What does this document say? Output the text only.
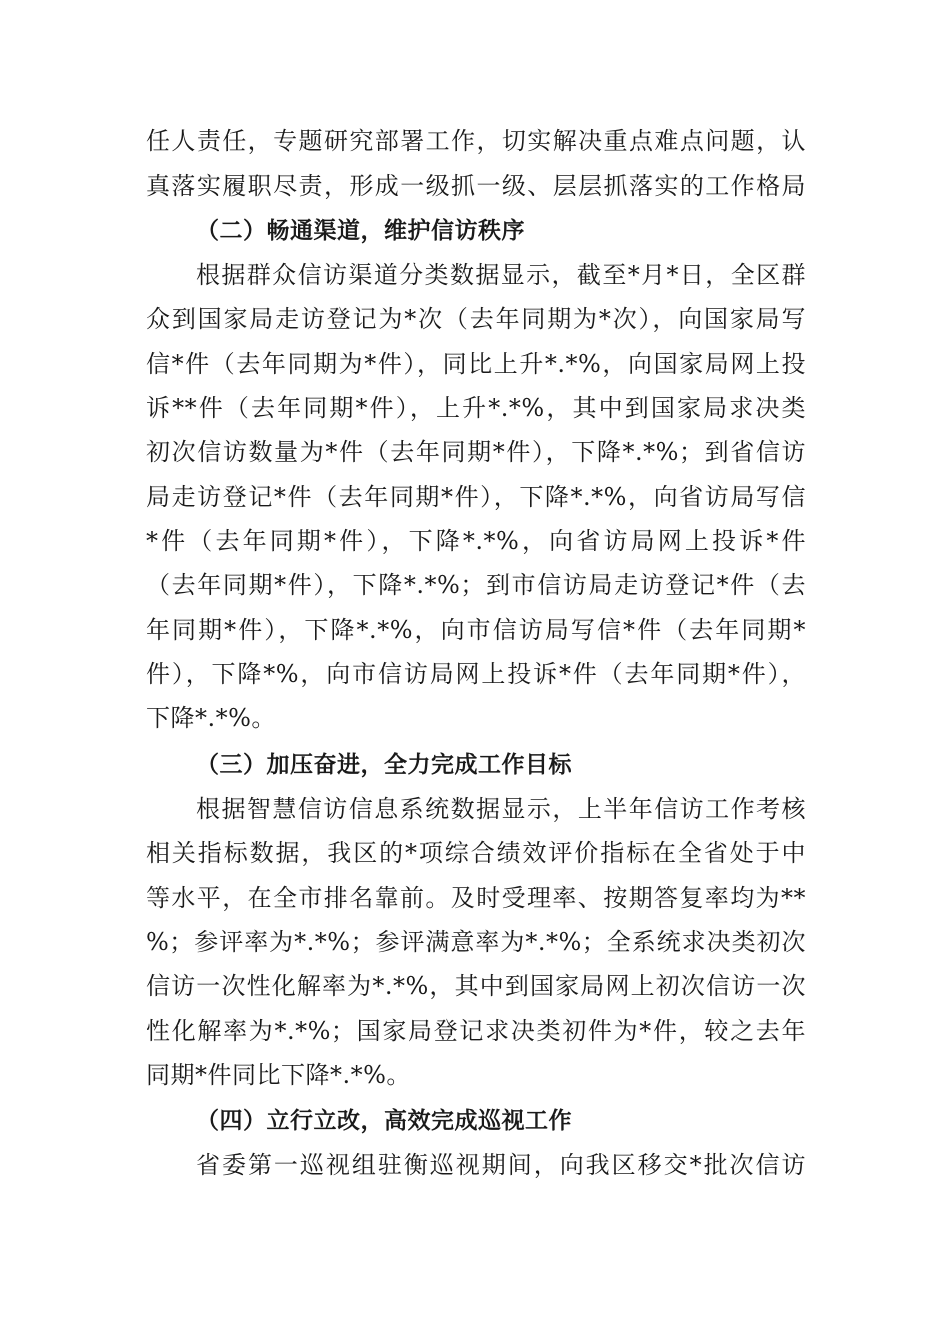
任人责任，专题研究部署工作，切实解决重点难点问题，认
真落实履职尽责，形成一级抓一级、层层抓落实的工作格局
（二）畅通渠道，维护信访秩序
根据群众信访渠道分类数据显示，截至*月*日，全区群
众到国家局走访登记为*次（去年同期为*次），向国家局写
信*件（去年同期为*件），同比上升*.*%，向国家局网上投
诉**件（去年同期*件），上升*.*%，其中到国家局求决类
初次信访数量为*件（去年同期*件），下降*.*%；到省信访
局走访登记*件（去年同期*件），下降*.*%，向省访局写信
*件（去年同期*件），下降*.*%，向省访局网上投诉*件
（去年同期*件），下降*.*%；到市信访局走访登记*件（去
年同期*件），下降*.*%，向市信访局写信*件（去年同期*
件），下降*%，向市信访局网上投诉*件（去年同期*件），
下降*.*%。
（三）加压奋进，全力完成工作目标
根据智慧信访信息系统数据显示，上半年信访工作考核
相关指标数据，我区的*项综合绩效评价指标在全省处于中
等水平，在全市排名靠前。及时受理率、按期答复率均为**
%；参评率为*.*%；参评满意率为*.*%；全系统求决类初次
信访一次性化解率为*.*%，其中到国家局网上初次信访一次
性化解率为*.*%；国家局登记求决类初件为*件，较之去年
同期*件同比下降*.*%。
（四）立行立改，高效完成巡视工作
省委第一巡视组驻衡巡视期间，向我区移交*批次信访
